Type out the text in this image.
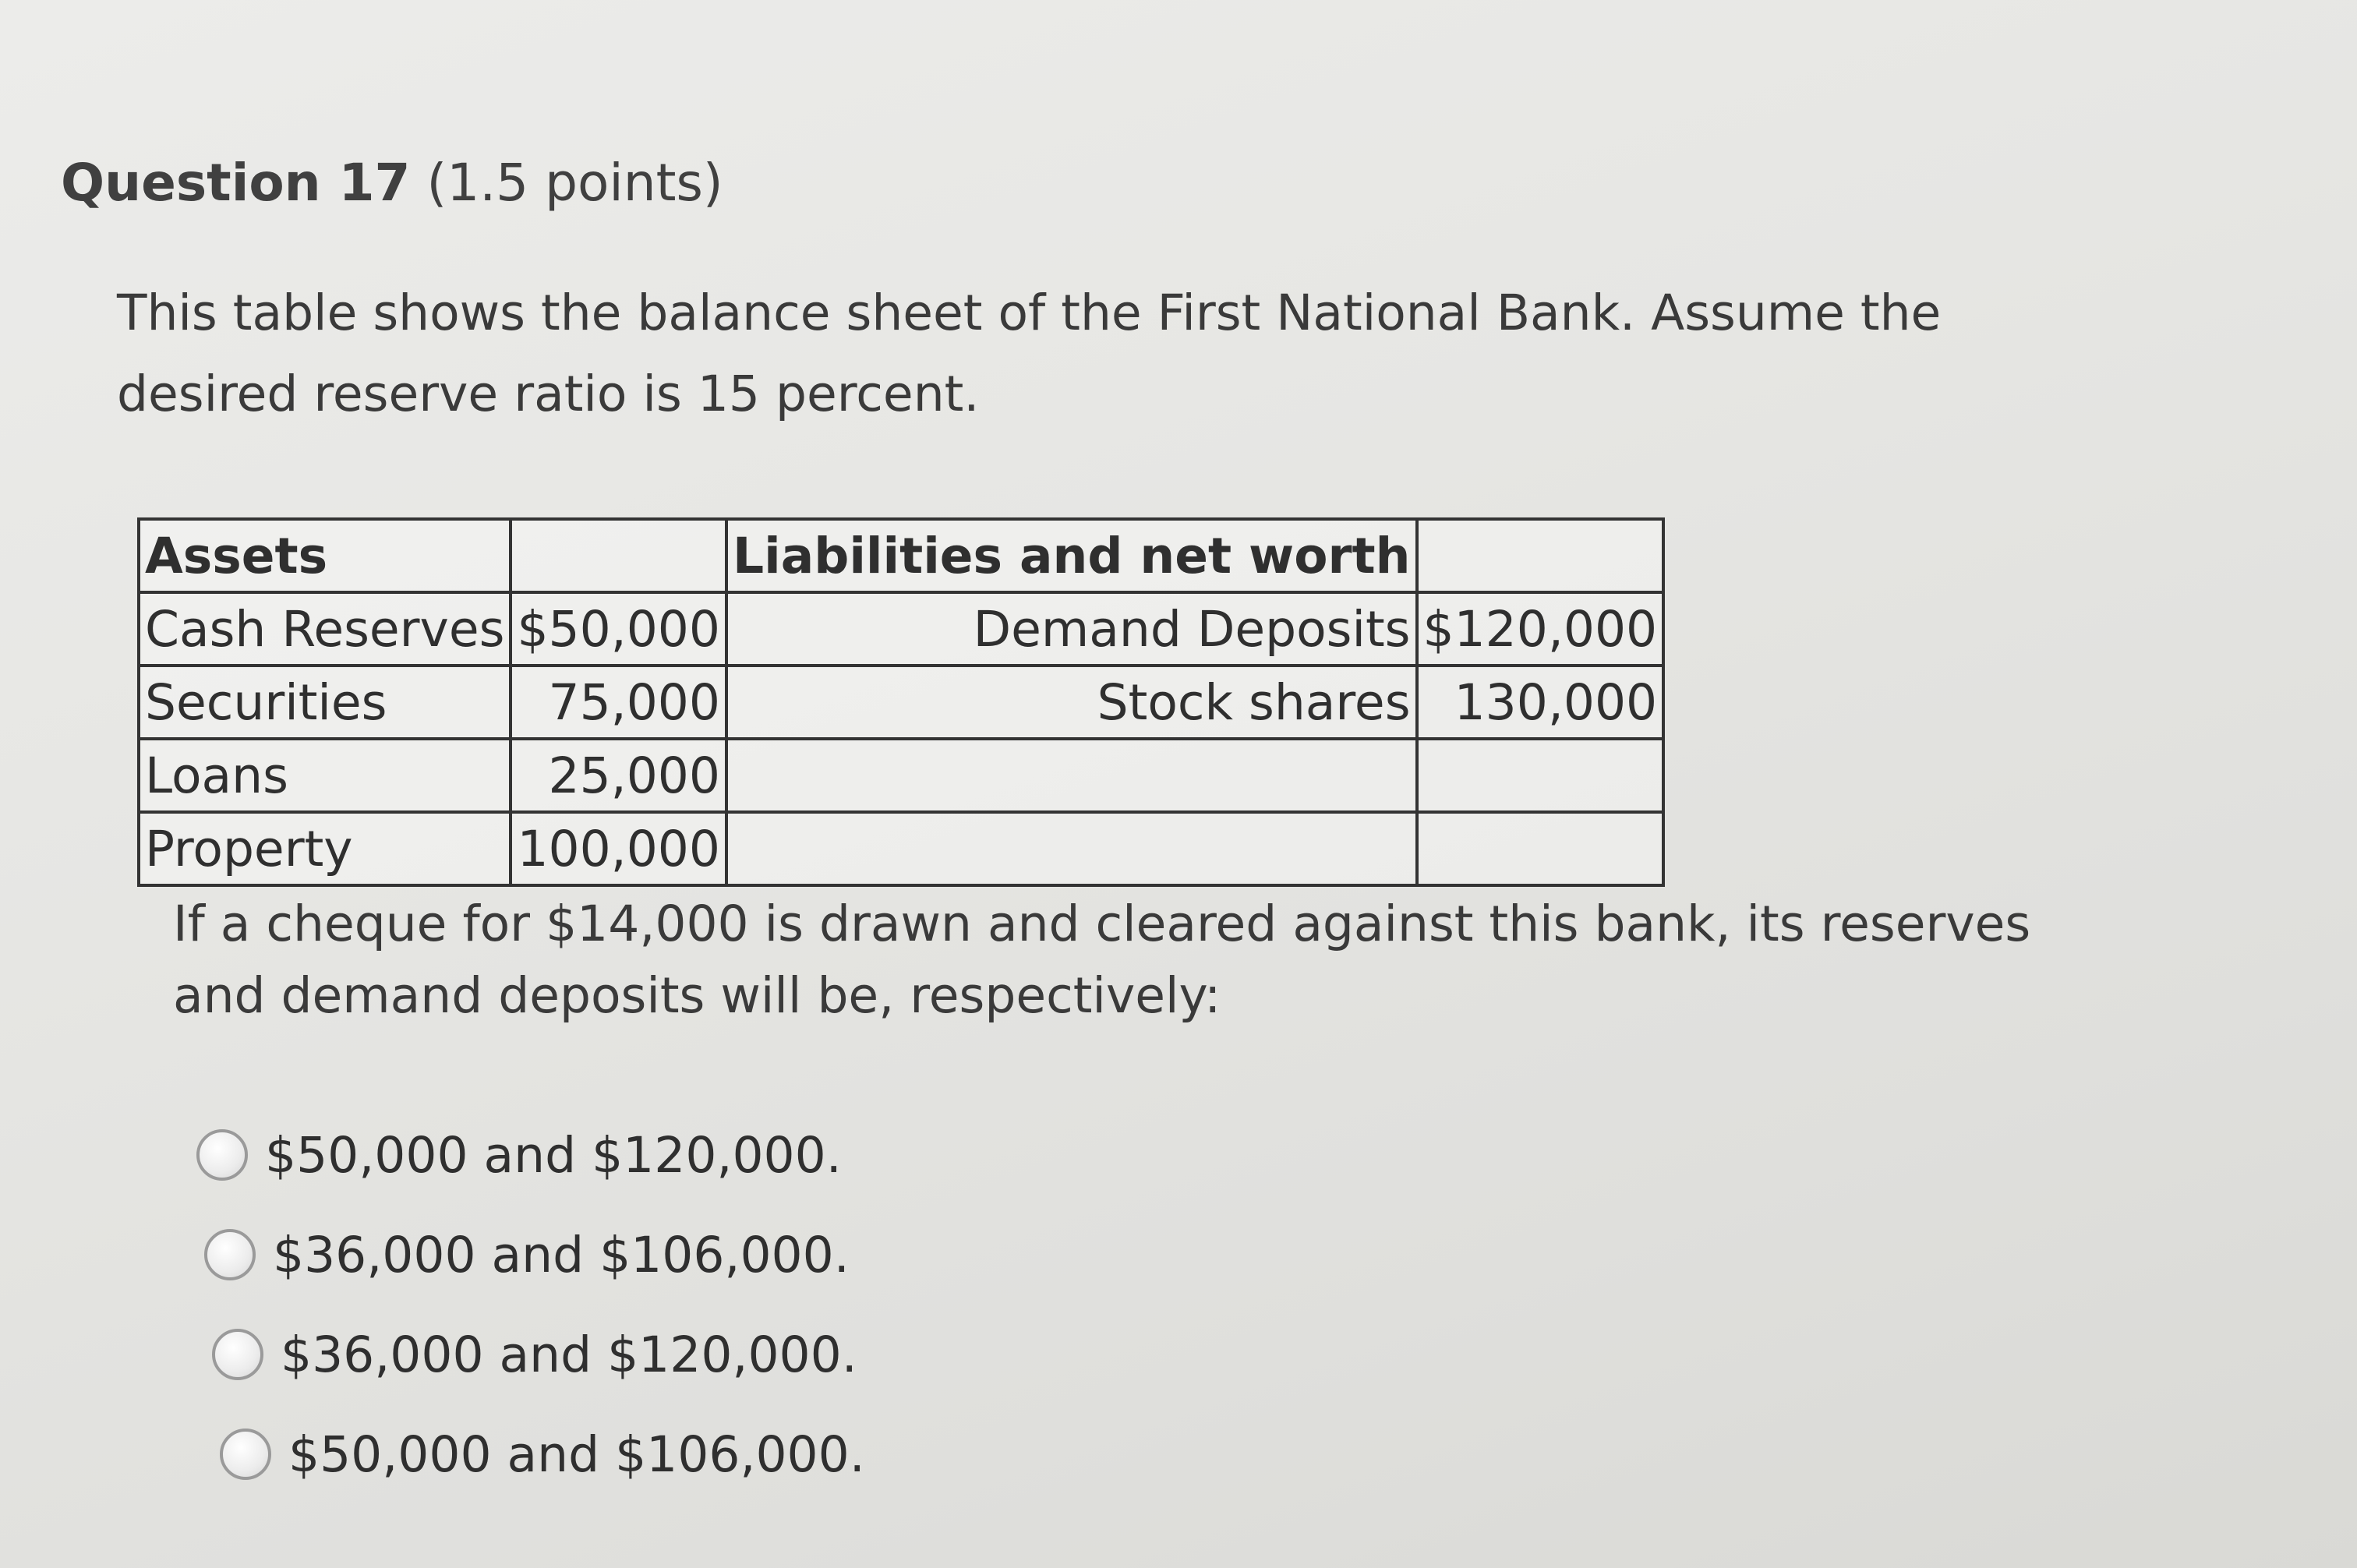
Question 17 (1.5 points)
This table shows the balance sheet of the First National Bank. Assume the desired reserve ratio is 15 percent.
Assets		Liabilities and net worth	
Cash Reserves	$50,000	Demand Deposits	$120,000
Securities	75,000	Stock shares	130,000
Loans	25,000		
Property	100,000		
If a cheque for $14,000 is drawn and cleared against this bank, its reserves and demand deposits will be, respectively:
$50,000 and $120,000.
$36,000 and $106,000.
$36,000 and $120,000.
$50,000 and $106,000.
